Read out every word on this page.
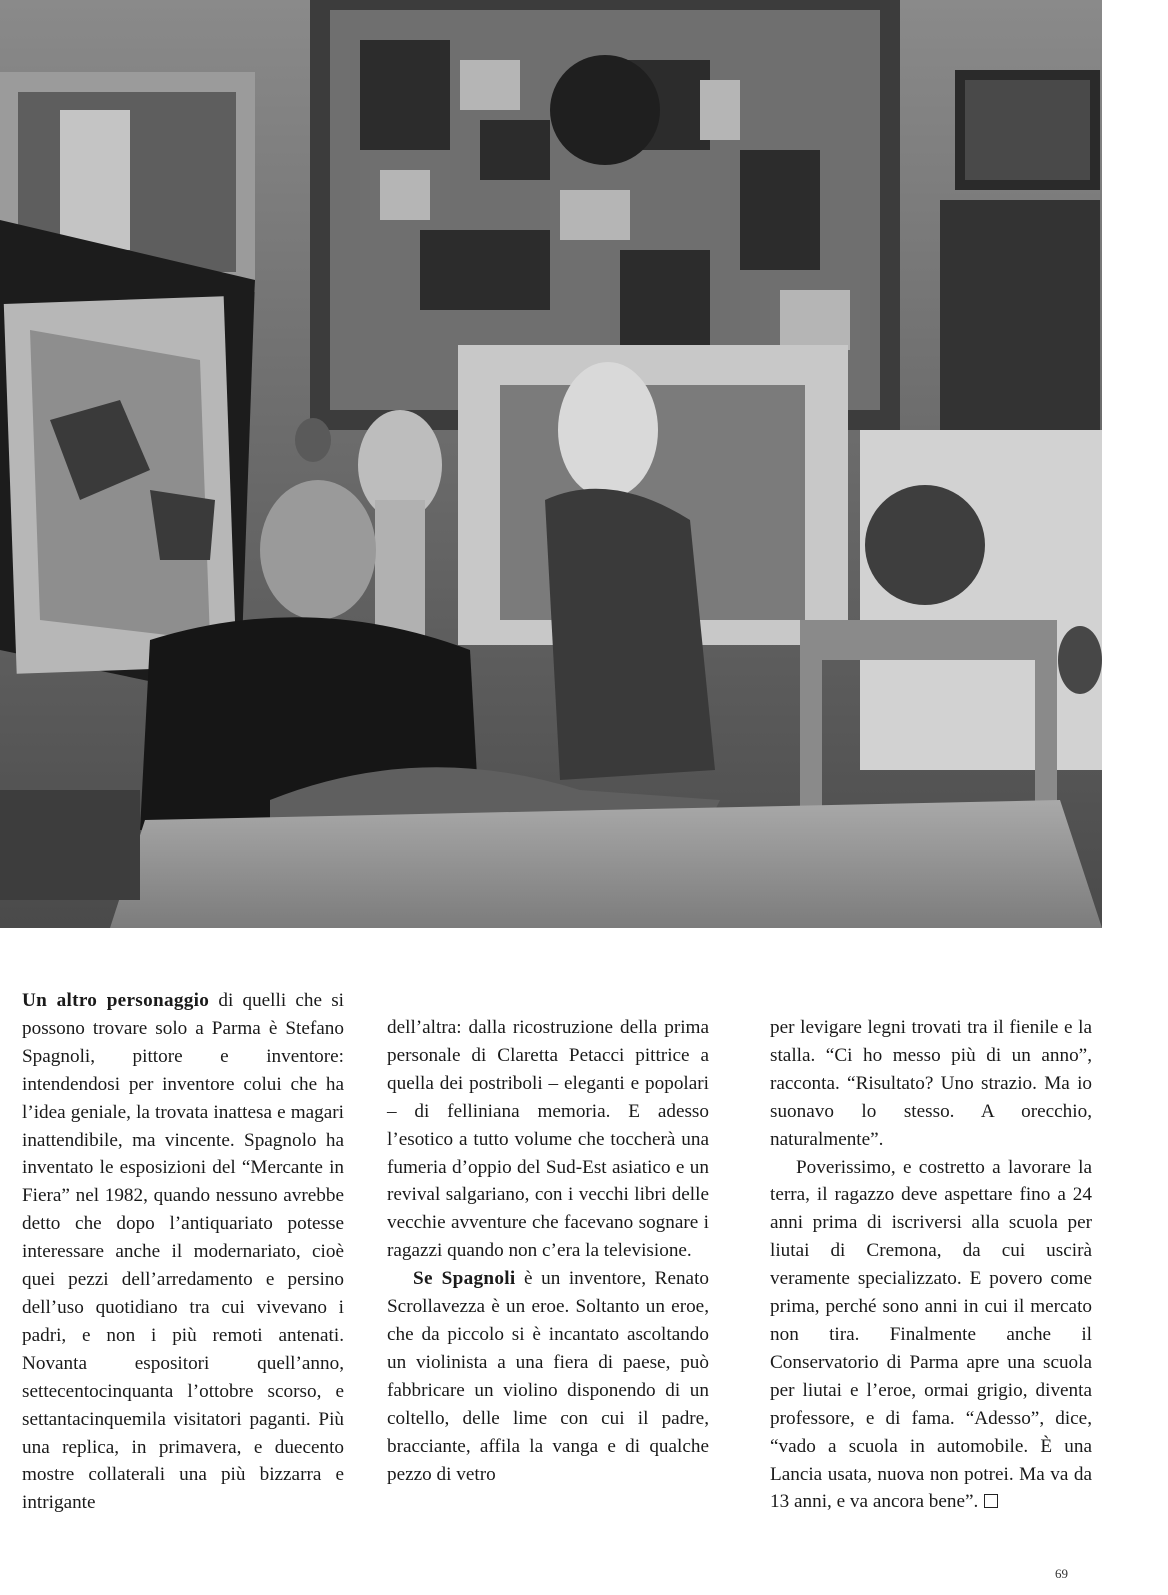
Un altro personaggio di quelli che si possono trovare solo a Parma è Stefano Spagnoli, pittore e inventore: intendendosi per inventore colui che ha l’idea geniale, la trovata inattesa e magari inattendibile, ma vincente. Spagnolo ha inventato le esposizioni del “Mercante in Fiera” nel 1982, quando nessuno avrebbe detto che dopo l’antiquariato potesse interessare anche il modernariato, cioè quei pezzi dell’arredamento e persino dell’uso quotidiano tra cui vivevano i padri, e non i più remoti antenati. Novanta espositori quell’anno, settecentocinquanta l’ottobre scorso, e settantacinquemila visitatori paganti. Più una replica, in primavera, e duecento mostre collaterali una più bizzarra e intrigante

dell’altra: dalla ricostruzione della prima personale di Claretta Petacci pittrice a quella dei postriboli – eleganti e popolari – di felliniana memoria. E adesso l’esotico a tutto volume che toccherà una fumeria d’oppio del Sud-Est asiatico e un revival salgariano, con i vecchi libri delle vecchie avventure che facevano sognare i ragazzi quando non c’era la televisione.

Se Spagnoli è un inventore, Renato Scrollavezza è un eroe. Soltanto un eroe, che da piccolo si è incantato ascoltando un violinista a una fiera di paese, può fabbricare un violino disponendo di un coltello, delle lime con cui il padre, bracciante, affila la vanga e di qualche pezzo di vetro

per levigare legni trovati tra il fienile e la stalla. “Ci ho messo più di un anno”, racconta. “Risultato? Uno strazio. Ma io suonavo lo stesso. A orecchio, naturalmente”.

Poverissimo, e costretto a lavorare la terra, il ragazzo deve aspettare fino a 24 anni prima di iscriversi alla scuola per liutai di Cremona, da cui uscirà veramente specializzato. E povero come prima, perché sono anni in cui il mercato non tira. Finalmente anche il Conservatorio di Parma apre una scuola per liutai e l’eroe, ormai grigio, diventa professore, e di fama. “Adesso”, dice, “vado a scuola in automobile. È una Lancia usata, nuova non potrei. Ma va da 13 anni, e va ancora bene”.

69
